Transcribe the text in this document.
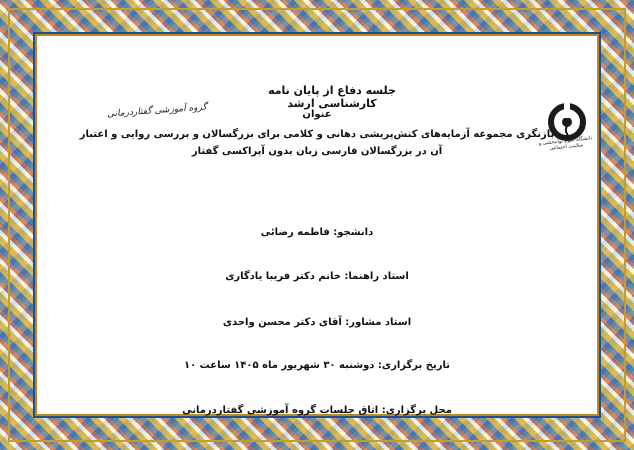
گروه آموزشی گفتاردرمانی
دانشگاه علوم توانبخشی و سلامت اجتماعی
جلسه دفاع از پایان نامه کارشناسی ارشد
عنوان
بازنگری مجموعه آزمایه‌های کنش‌پریشی دهانی و کلامی برای بزرگسالان و بررسی روایی و اعتبار آن در بزرگسالان فارسی زبان بدون آپراکسی گفتار
دانشجو: فاطمه رضائی
استاد راهنما: خانم دکتر فریبا یادگاری
استاد مشاور: آقای دکتر محسن واحدی
تاریخ برگزاری: دوشنبه ۳۰ شهریور ماه ۱۴۰۵ ساعت ۱۰
محل برگزاری: اتاق جلسات گروه آموزشی گفتاردرمانی
